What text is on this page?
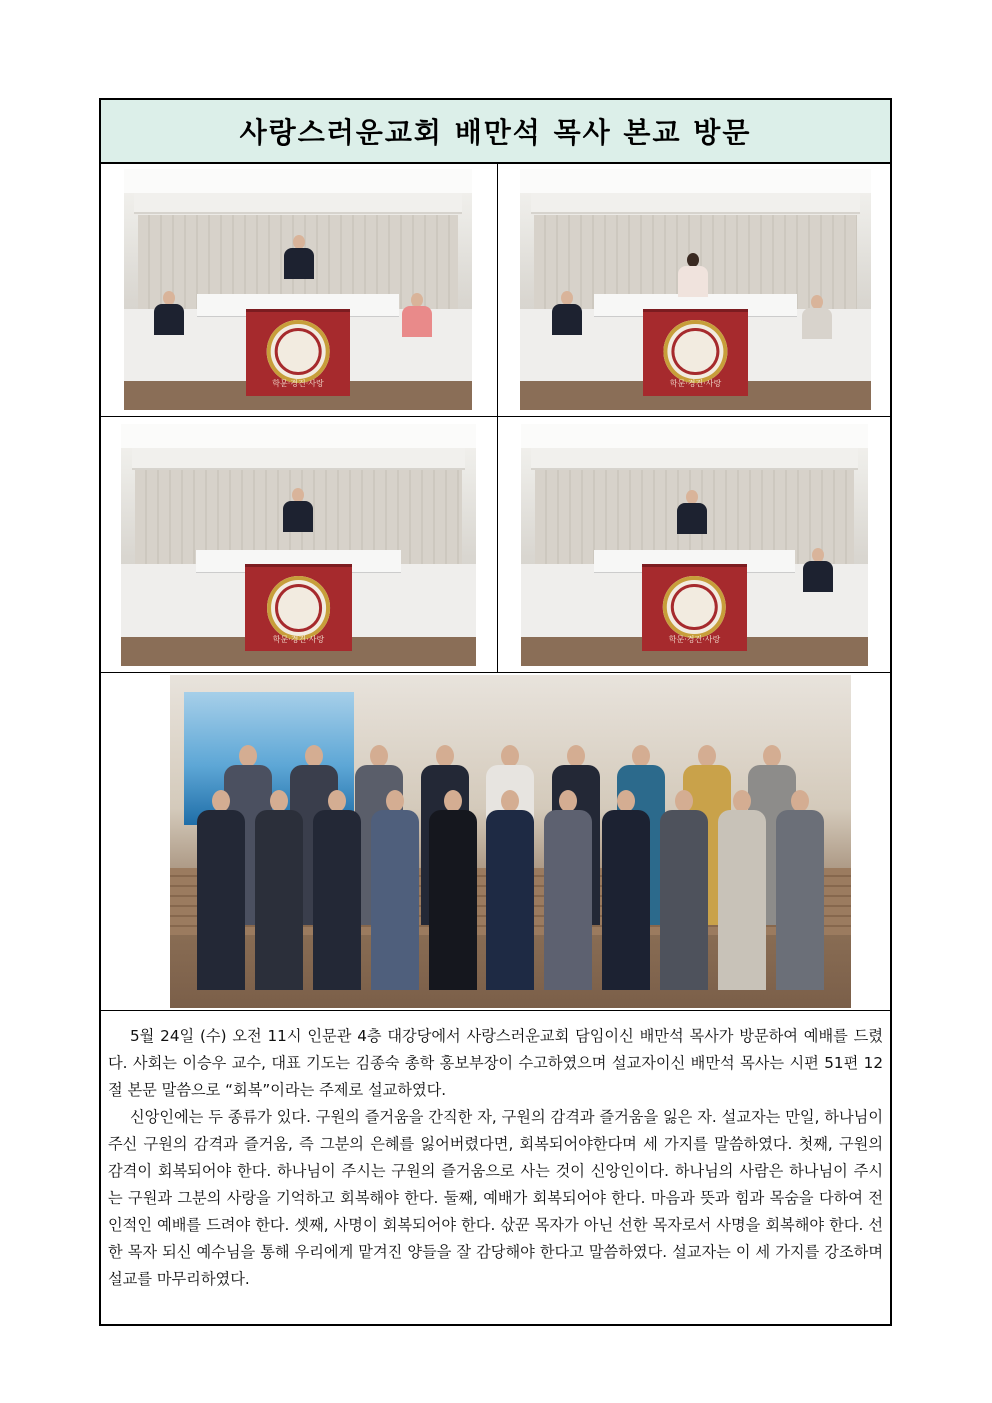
사랑스러운교회 배만석 목사 본교 방문
학문·경건·사랑	학문·경건·사랑
학문·경건·사랑	학문·경건·사랑

5월 24일 (수) 오전 11시 인문관 4층 대강당에서 사랑스러운교회 담임이신 배만석 목사가 방문하여 예배를 드렸다. 사회는 이승우 교수, 대표 기도는 김종숙 총학 홍보부장이 수고하였으며 설교자이신 배만석 목사는 시편 51편 12절 본문 말씀으로 “회복”이라는 주제로 설교하였다.

신앙인에는 두 종류가 있다. 구원의 즐거움을 간직한 자, 구원의 감격과 즐거움을 잃은 자. 설교자는 만일, 하나님이 주신 구원의 감격과 즐거움, 즉 그분의 은혜를 잃어버렸다면, 회복되어야한다며 세 가지를 말씀하였다. 첫째, 구원의 감격이 회복되어야 한다. 하나님이 주시는 구원의 즐거움으로 사는 것이 신앙인이다. 하나님의 사람은 하나님이 주시는 구원과 그분의 사랑을 기억하고 회복해야 한다. 둘째, 예배가 회복되어야 한다. 마음과 뜻과 힘과 목숨을 다하여 전인적인 예배를 드려야 한다. 셋째, 사명이 회복되어야 한다. 삯꾼 목자가 아닌 선한 목자로서 사명을 회복해야 한다. 선한 목자 되신 예수님을 통해 우리에게 맡겨진 양들을 잘 감당해야 한다고 말씀하였다. 설교자는 이 세 가지를 강조하며 설교를 마무리하였다.
